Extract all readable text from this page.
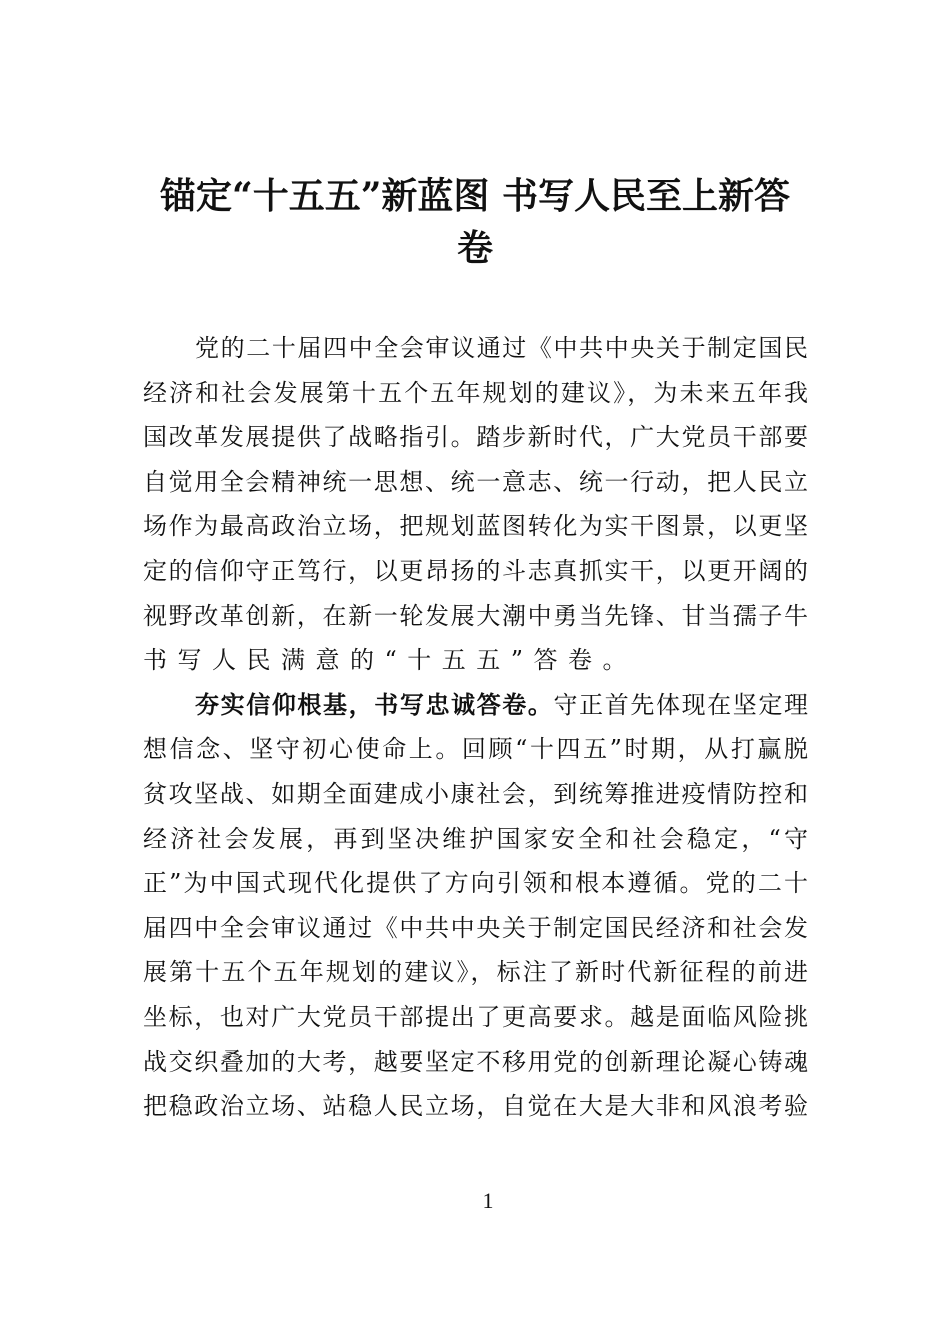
锚定“十五五”新蓝图 书写人民至上新答
卷
党的二十届四中全会审议通过《中共中央关于制定国民
经济和社会发展第十五个五年规划的建议》，为未来五年我
国改革发展提供了战略指引。踏步新时代，广大党员干部要
自觉用全会精神统一思想、统一意志、统一行动，把人民立
场作为最高政治立场，把规划蓝图转化为实干图景，以更坚
定的信仰守正笃行，以更昂扬的斗志真抓实干，以更开阔的
视野改革创新，在新一轮发展大潮中勇当先锋、甘当孺子牛
书写人民满意的“十五五”答卷。
夯实信仰根基，书写忠诚答卷。守正首先体现在坚定理
想信念、坚守初心使命上。回顾“十四五”时期，从打赢脱
贫攻坚战、如期全面建成小康社会，到统筹推进疫情防控和
经济社会发展，再到坚决维护国家安全和社会稳定，“守
正”为中国式现代化提供了方向引领和根本遵循。党的二十
届四中全会审议通过《中共中央关于制定国民经济和社会发
展第十五个五年规划的建议》，标注了新时代新征程的前进
坐标，也对广大党员干部提出了更高要求。越是面临风险挑
战交织叠加的大考，越要坚定不移用党的创新理论凝心铸魂
把稳政治立场、站稳人民立场，自觉在大是大非和风浪考验
1
